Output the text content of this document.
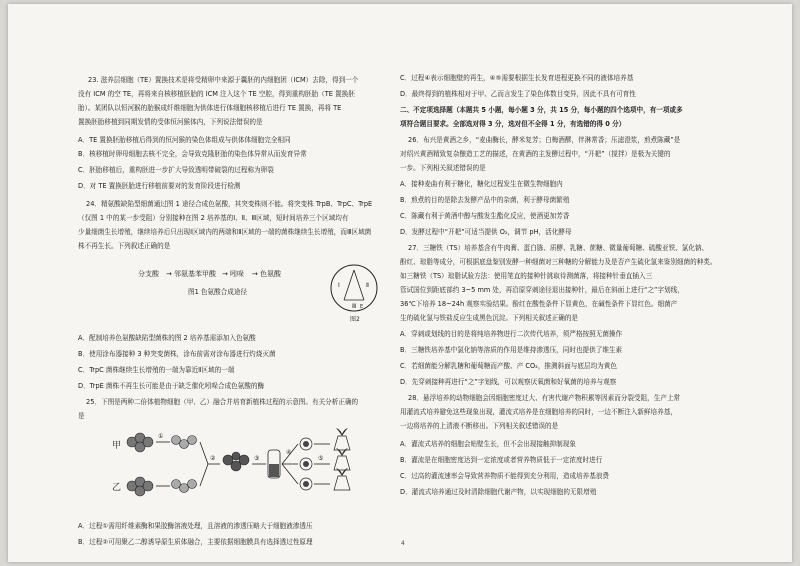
23. 滋养层细胞（TE）置换技术是将受精卵中来源于囊胚的内细胞团（ICM）去除，得到一个
没有 ICM 的空 TE，再将来自核移植胚胎的 ICM 注入这个 TE 空腔，得到重构胚胎（TE 置换胚
胎）。某团队以恒河猴的胎猴成纤维细胞为供体进行体细胞核移植后进行 TE 置换，再将 TE
置换胚胎移植到同期发情的受体恒河猴体内，下列说法错误的是
A．TE 置换胚胎移植后得到的恒河猴的染色体组成与供体体细胞完全相同
B．核移植时卵母细胞去核不完全，会导致克隆胚胎的染色体异常从而发育异常
C．胚胎移植后，重构胚进一步扩大导致透明带破裂的过程称为卵裂
D．对 TE 置换胚胎进行移植前要对的发育阶段进行检测
24．精氨酸缺陷型细菌通过图 1 途径合成色氨酸，其突变株则不能。将突变株 TrpB、TrpC、TrpE
（仅图 1 中的某一步受阻）分别接种在图 2 培养基的Ⅰ、Ⅱ、Ⅲ区域，短时间培养三个区域均有
少量细菌生长增殖，继续培养后只出现Ⅰ区域内的两端和Ⅱ区域的一端的菌株继续生长增殖，而Ⅲ区域菌
株不再生长。下列叙述正确的是
分支酸 → 邻氨基苯甲酸 → 吲哚 → 色氨酸
图1 色氨酸合成途径
Ⅰ	Ⅱ
Ⅲ E
图2
A．配制培养色氨酸缺陷型菌株的图 2 培养基需添加入色氨酸
B．使用涂布器接种 3 种突变菌株，涂布前需对涂布器进行灼烧灭菌
C．TrpC 菌株继续生长增殖的一端为靠近Ⅱ区域的一端
D．TrpE 菌株不再生长可能是由于缺乏催化吲哚合成色氨酸的酶
25．下图是两种二倍体植物细胞（甲、乙）融合并培育新植株过程的示意图。有关分析正确的
是
甲
乙
①
②	③
④
⑤
A．过程①需用纤维素酶和果胶酶溶液处理，且溶液的渗透压略大于细胞液渗透压
B．过程②可用聚乙二醇诱导原生质体融合，主要依据细胞膜具有选择透过性原理
C．过程④表示细胞壁的再生，④⑤需要根据生长发育进程更换不同的液体培养基
D．最终得到的植株相对于甲、乙而言发生了染色体数目变异，因此不具有可育性
二、不定项选择题（本题共 5 小题，每小题 3 分，共 15 分，每小题的四个选项中，有一项或多
项符合题目要求。全部选对得 3 分，选对但不全得 1 分，有选错的得 0 分）
26．布兴是黄酒之乡，“麦曲酶长，酵米复芳；白梅酒醪，伴淋常香；压滤澄浆，煎煮陈藏”是
对绍兴黄酒精致复杂酿造工艺的描述，在黄酒的主发酵过程中，“开耙”（搅拌）是极为关键的
一步。下列相关叙述错误的是
A．接种麦曲有利于糖化，糖化过程发生在微生物细胞内
B．煎煮的目的是除去发酵产品中的杂菌，利于酵母菌繁殖
C．陈藏有利于黄酒中醇与酸发生酯化反应，使酒更加芳香
D．发酵过程中“开耙”可适当提供 O₂，调节 pH，活化酵母
27．三糖铁（TS）培养基含有牛肉膏、蛋白胨、质酵、乳糖、蔗糖、微量葡萄糖、硫酸亚铁、氯化钠、
酚红、琼脂等成分，可根据底盘鉴别发酵一种细菌对三种糖的分解能力及是否产生硫化氢来鉴别细菌的种类。
如三糖铁（TS）琼脂试验方法：使用笔直的接种针挑取待测菌落，将接种针垂直插入三
管试国位到距底部约 3~5 mm 处，再沿原穿刺途径退出接种针，最后在斜面上进行“之”字划线，
36℃下培养 18~24h 观察实验结果。酚红在酸性条件下显黄色，在碱性条件下显红色。细菌产
生的硫化氢与铁盐反应生成黑色沉淀。下列相关叙述正确的是
A．穿刺或划线的目的是将纯培养物进行二次传代培养，须严格按照无菌操作
B．三糖铁培养基中氯化钠等溶质的作用是维持渗透压，同时也提供了维生素
C．若细菌能分解乳糖和葡萄糖而产酸、产 CO₂，推测斜面与底层均为黄色
D．先穿刺接种再进行“之”字划线，可以观察厌氧菌和好氧菌的培养与观察
28．悬浮培养的动物细胞会因细胞密度过大、有害代谢产物积累等因素而分裂受阻，生产上常
用灌流式培养避免这些现象出现，灌流式培养是在细胞培养的同时，一边不断注入新鲜培养基，
一边将培养的上清液不断移出。下列相关叙述错误的是
A．灌流式培养的细胞会贴壁生长，但不会出现接触抑制现象
B．灌流是在细胞密度达到一定浓度或者营养物质低于一定浓度时进行
C．过高的灌流速率会导致营养物质不能得到充分利用，造成培养基浪费
D．灌流式培养通过及时清除细胞代谢产物，以实现细胞的无限增殖
4
